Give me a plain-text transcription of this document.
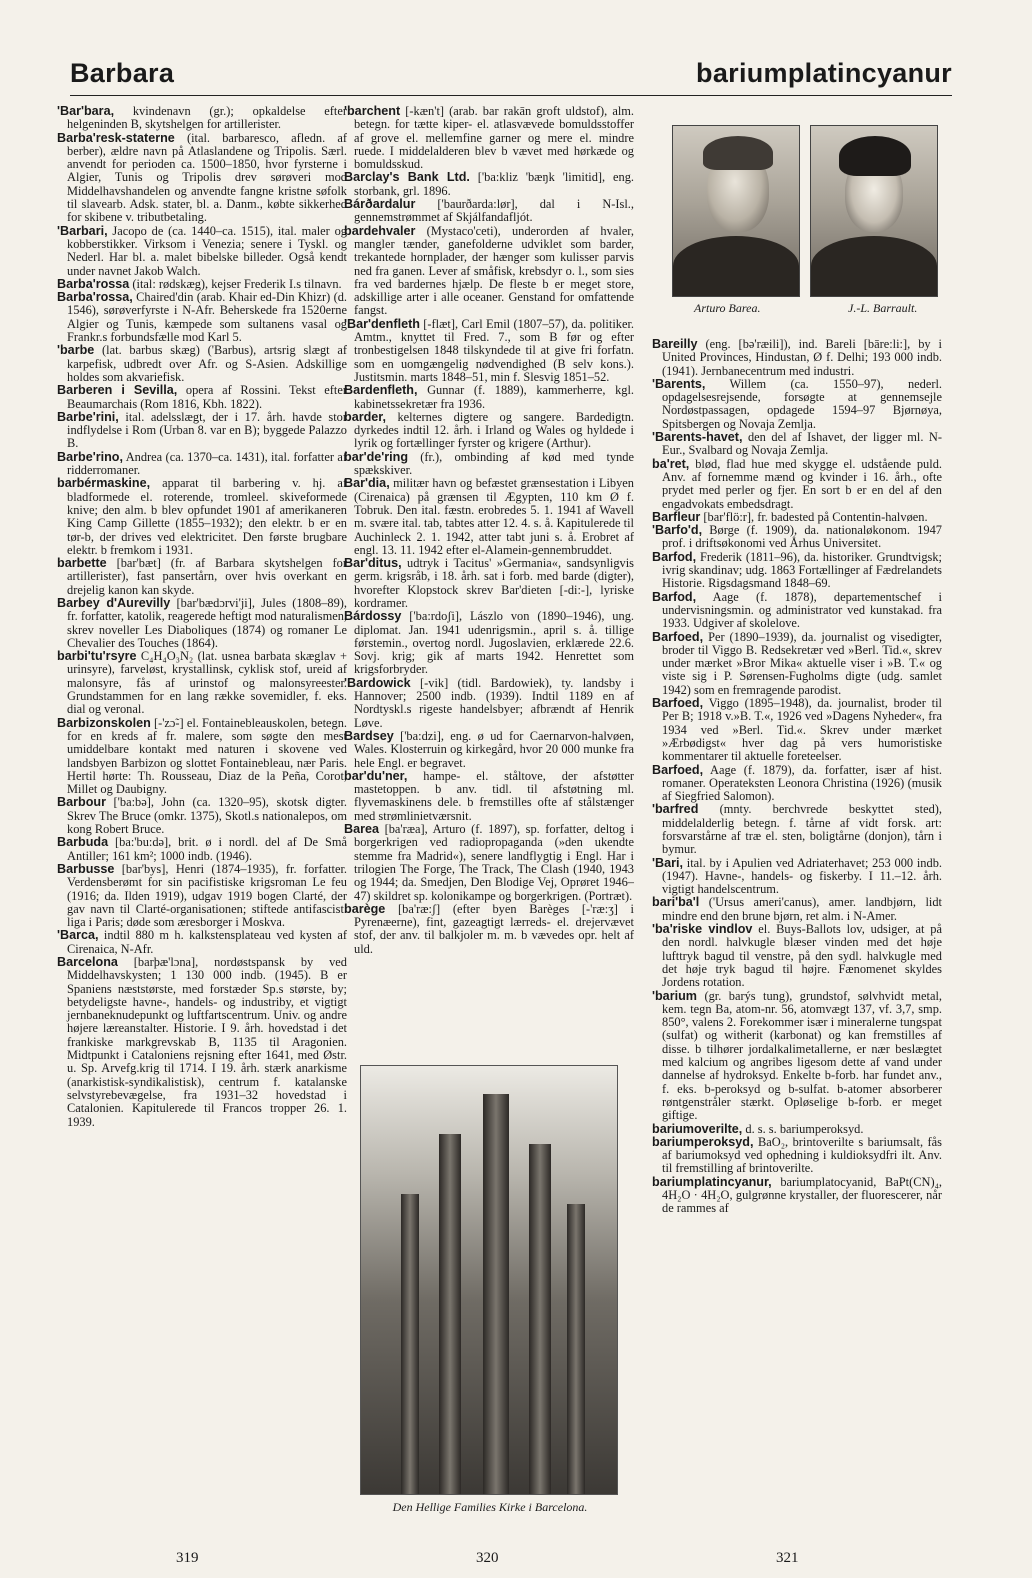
Barbara	bariumplatincyanur

'Bar'bara, kvindenavn (gr.); opkaldelse efter helgeninden B, skytshelgen for artillerister.

Barba'resk-staterne (ital. barbaresco, afledn. af berber), ældre navn på Atlaslandene og Tripolis. Særl. anvendt for perioden ca. 1500–1850, hvor fyrsterne i Algier, Tunis og Tripolis drev sørøveri mod Middelhavshandelen og anvendte fangne kristne søfolk til slavearb. Adsk. stater, bl. a. Danm., købte sikkerhed for skibene v. tributbetaling.

'Barbari, Jacopo de (ca. 1440–ca. 1515), ital. maler og kobberstikker. Virksom i Venezia; senere i Tyskl. og Nederl. Har bl. a. malet bibelske billeder. Også kendt under navnet Jakob Walch.

Barba'rossa (ital: rødskæg), kejser Frederik I.s tilnavn.

Barba'rossa, Chaired'din (arab. Khair ed-Din Khizr) (d. 1546), sørøverfyrste i N-Afr. Beherskede fra 1520erne Algier og Tunis, kæmpede som sultanens vasal og Frankr.s forbundsfælle mod Karl 5.

'barbe (lat. barbus skæg) ('Barbus), artsrig slægt af karpefisk, udbredt over Afr. og S-Asien. Adskillige holdes som akvariefisk.

Barberen i Sevilla, opera af Rossini. Tekst efter Beaumarchais (Rom 1816, Kbh. 1822).

Barbe'rini, ital. adelsslægt, der i 17. årh. havde stor indflydelse i Rom (Urban 8. var en B); byggede Palazzo B.

Barbe'rino, Andrea (ca. 1370–ca. 1431), ital. forfatter af ridderromaner.

barbérmaskine, apparat til barbering v. hj. af bladformede el. roterende, tromleel. skiveformede knive; den alm. b blev opfundet 1901 af amerikaneren King Camp Gillette (1855–1932); den elektr. b er en tør-b, der drives ved elektricitet. Den første brugbare elektr. b fremkom i 1931.

barbette [bar'bæt] (fr. af Barbara skytshelgen for artillerister), fast pansertårn, over hvis overkant en drejelig kanon kan skyde.

Barbey d'Aurevilly [bar'bædɔrvi'ji], Jules (1808–89), fr. forfatter, katolik, reagerede heftigt mod naturalismen, skrev noveller Les Diaboliques (1874) og romaner Le Chevalier des Touches (1864).

barbi'tu'rsyre C₄H₄O₃N₂ (lat. usnea barbata skæglav + urinsyre), farveløst, krystallinsk, cyklisk stof, ureid af malonsyre, fås af urinstof og malonsyreester. Grundstammen for en lang række sovemidler, f. eks. dial og veronal.

Barbizonskolen [-'zɔ̃-] el. Fontainebleauskolen, betegn. for en kreds af fr. malere, som søgte den mest umiddelbare kontakt med naturen i skovene ved landsbyen Barbizon og slottet Fontainebleau, nær Paris. Hertil hørte: Th. Rousseau, Diaz de la Peña, Corot, Millet og Daubigny.

Barbour ['ba:bə], John (ca. 1320–95), skotsk digter. Skrev The Bruce (omkr. 1375), Skotl.s nationalepos, om kong Robert Bruce.

Barbuda [ba:'bu:də], brit. ø i nordl. del af De Små Antiller; 161 km²; 1000 indb. (1946).

Barbusse [bar'bys], Henri (1874–1935), fr. forfatter. Verdensberømt for sin pacifistiske krigsroman Le feu (1916; da. Ilden 1919), udgav 1919 bogen Clarté, der gav navn til Clarté-organisationen; stiftede antifascist. liga i Paris; døde som æresborger i Moskva.

'Barca, indtil 880 m h. kalkstensplateau ved kysten af Cirenaica, N-Afr.

Barcelona [barþæ'lɔna], nordøstspansk by ved Middelhavskysten; 1 130 000 indb. (1945). B er Spaniens næststørste, med forstæder Sp.s største, by; betydeligste havne-, handels- og industriby, et vigtigt jernbaneknudepunkt og luftfartscentrum. Univ. og andre højere læreanstalter. Historie. I 9. årh. hovedstad i det frankiske markgrevskab B, 1135 til Aragonien. Midtpunkt i Cataloniens rejsning efter 1641, med Østr. u. Sp. Arvefg.krig til 1714. I 19. årh. stærk anarkisme (anarkistisk-syndikalistisk), centrum f. katalanske selvstyrebevægelse, fra 1931–32 hovedstad i Catalonien. Kapitulerede til Francos tropper 26. 1. 1939.

'barchent [-kæn't] (arab. bar rakān groft uldstof), alm. betegn. for tætte kiper- el. atlasvævede bomuldsstoffer af grove el. mellemfine garner og mere el. mindre ruede. I middelalderen blev b vævet med hørkæde og bomuldsskud.

Barclay's Bank Ltd. ['ba:kliz 'bæŋk 'limitid], eng. storbank, grl. 1896.

Bárðardalur ['baurðarda:lør], dal i N-Isl., gennemstrømmet af Skjálfandafljót.

bardehvaler (Mystaco'ceti), underorden af hvaler, mangler tænder, ganefolderne udviklet som barder, trekantede hornplader, der hænger som kulisser parvis ned fra ganen. Lever af småfisk, krebsdyr o. l., som sies fra ved bardernes hjælp. De fleste b er meget store, adskillige arter i alle oceaner. Genstand for omfattende fangst.

'Bar'denfleth [-flæt], Carl Emil (1807–57), da. politiker. Amtm., knyttet til Fred. 7., som B før og efter tronbestigelsen 1848 tilskyndede til at give fri forfatn. som en uomgængelig nødvendighed (B selv kons.). Justitsmin. marts 1848–51, min f. Slesvig 1851–52.

Bardenfleth, Gunnar (f. 1889), kammerherre, kgl. kabinetssekretær fra 1936.

barder, kelternes digtere og sangere. Bardedigtn. dyrkedes indtil 12. årh. i Irland og Wales og hyldede i lyrik og fortællinger fyrster og krigere (Arthur).

bar'de'ring (fr.), ombinding af kød med tynde spækskiver.

Bar'dia, militær havn og befæstet grænsestation i Libyen (Cirenaica) på grænsen til Ægypten, 110 km Ø f. Tobruk. Den ital. fæstn. erobredes 5. 1. 1941 af Wavell m. svære ital. tab, tabtes atter 12. 4. s. å. Kapitulerede til Auchinleck 2. 1. 1942, atter tabt juni s. å. Erobret af engl. 13. 11. 1942 efter el-Alamein-gennembruddet.

Bar'ditus, udtryk i Tacitus' »Germania«, sandsynligvis germ. krigsråb, i 18. årh. sat i forb. med barde (digter), hvorefter Klopstock skrev Bar'dieten [-di:-], lyriske kordramer.

Bárdossy ['ba:rdoʃi], Lászlo von (1890–1946), ung. diplomat. Jan. 1941 udenrigsmin., april s. å. tillige førstemin., overtog nordl. Jugoslavien, erklærede 22.6. Sovj. krig; gik af marts 1942. Henrettet som krigsforbryder.

'Bardowick [-vik] (tidl. Bardowiek), ty. landsby i Hannover; 2500 indb. (1939). Indtil 1189 en af Nordtyskl.s rigeste handelsbyer; afbrændt af Henrik Løve.

Bardsey ['ba:dzi], eng. ø ud for Caernarvon-halvøen, Wales. Klosterruin og kirkegård, hvor 20 000 munke fra hele Engl. er begravet.

bar'du'ner, hampe- el. ståltove, der afstøtter mastetoppen. b anv. tidl. til afstøtning ml. flyvemaskinens dele. b fremstilles ofte af stålstænger med strømlinietværsnit.

Barea [ba'ræa], Arturo (f. 1897), sp. forfatter, deltog i borgerkrigen ved radiopropaganda (»den ukendte stemme fra Madrid«), senere landflygtig i Engl. Har i trilogien The Forge, The Track, The Clash (1940, 1943 og 1944; da. Smedjen, Den Blodige Vej, Oprøret 1946–47) skildret sp. kolonikampe og borgerkrigen. (Portræt).

barège [ba'ræ:ʃ] (efter byen Barèges [-'ræ:ʒ] i Pyrenæerne), fint, gazeagtigt lærreds- el. drejervævet stof, der anv. til balkjoler m. m. b vævedes opr. helt af uld.

Arturo Barea.	J.-L. Barrault.

Bareilly (eng. [bə'ræili]), ind. Bareli [bāre:li:], by i United Provinces, Hindustan, Ø f. Delhi; 193 000 indb. (1941). Jernbanecentrum med industri.

'Barents, Willem (ca. 1550–97), nederl. opdagelsesrejsende, forsøgte at gennemsejle Nordøstpassagen, opdagede 1594–97 Bjørnøya, Spitsbergen og Novaja Zemlja.

'Barents-havet, den del af Ishavet, der ligger ml. N-Eur., Svalbard og Novaja Zemlja.

ba'ret, blød, flad hue med skygge el. udstående puld. Anv. af fornemme mænd og kvinder i 16. årh., ofte prydet med perler og fjer. En sort b er en del af den engadvokats embedsdragt.

Barfleur [bar'flö:r], fr. badested på Contentin-halvøen.

'Barfo'd, Børge (f. 1909), da. nationaløkonom. 1947 prof. i driftsøkonomi ved Århus Universitet.

Barfod, Frederik (1811–96), da. historiker. Grundtvigsk; ivrig skandinav; udg. 1863 Fortællinger af Fædrelandets Historie. Rigsdagsmand 1848–69.

Barfod, Aage (f. 1878), departementschef i undervisningsmin. og administrator ved kunstakad. fra 1933. Udgiver af skolelove.

Barfoed, Per (1890–1939), da. journalist og visedigter, broder til Viggo B. Redsekretær ved »Berl. Tid.«, skrev under mærket »Bror Mika« aktuelle viser i »B. T.« og viste sig i P. Sørensen-Fugholms digte (udg. samlet 1942) som en fremragende parodist.

Barfoed, Viggo (1895–1948), da. journalist, broder til Per B; 1918 v.»B. T.«, 1926 ved »Dagens Nyheder«, fra 1934 ved »Berl. Tid.«. Skrev under mærket »Ærbødigst« hver dag på vers humoristiske kommentarer til aktuelle foreteelser.

Barfoed, Aage (f. 1879), da. forfatter, især af hist. romaner. Operateksten Leonora Christina (1926) (musik af Siegfried Salomon).

'barfred (mnty. berchvrede beskyttet sted), middelalderlig betegn. f. tårne af vidt forsk. art: forsvarstårne af træ el. sten, boligtårne (donjon), tårn i bymur.

'Bari, ital. by i Apulien ved Adriaterhavet; 253 000 indb. (1947). Havne-, handels- og fiskerby. I 11.–12. årh. vigtigt handelscentrum.

bari'ba'l ('Ursus ameri'canus), amer. landbjørn, lidt mindre end den brune bjørn, ret alm. i N-Amer.

'ba'riske vindlov el. Buys-Ballots lov, udsiger, at på den nordl. halvkugle blæser vinden med det høje lufttryk bagud til venstre, på den sydl. halvkugle med det høje tryk bagud til højre. Fænomenet skyldes Jordens rotation.

'barium (gr. barýs tung), grundstof, sølvhvidt metal, kem. tegn Ba, atom-nr. 56, atomvægt 137, vf. 3,7, smp. 850°, valens 2. Forekommer især i mineralerne tungspat (sulfat) og witherit (karbonat) og kan fremstilles af disse. b tilhører jordalkalimetallerne, er nær beslægtet med kalcium og angribes ligesom dette af vand under dannelse af hydroksyd. Enkelte b-forb. har fundet anv., f. eks. b-peroksyd og b-sulfat. b-atomer absorberer røntgenstråler stærkt. Opløselige b-forb. er meget giftige.

bariumoverilte, d. s. s. bariumperoksyd.

bariumperoksyd, BaO₂, brintoverilte s bariumsalt, fås af bariumoksyd ved ophedning i kuldioksydfri ilt. Anv. til fremstilling af brintoverilte.

bariumplatincyanur, bariumplatocyanid, BaPt(CN)₄, 4H₂O · 4H₂O, gulgrønne krystaller, der fluorescerer, når de rammes af

Den Hellige Families Kirke i Barcelona.
319	320	321
